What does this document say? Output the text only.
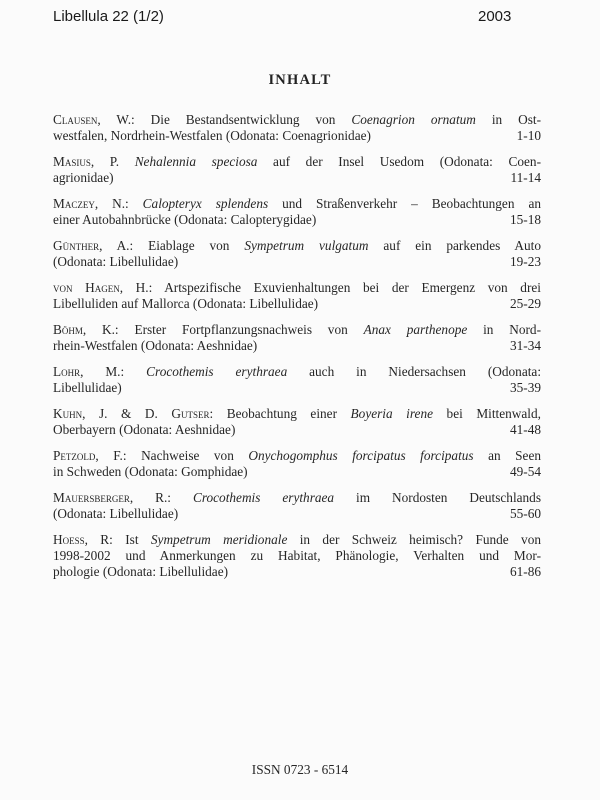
Libellula 22 (1/2)	2003
INHALT
Clausen, W.: Die Bestandsentwicklung von Coenagrion ornatum in Ost-
westfalen, Nordrhein-Westfalen (Odonata: Coenagrionidae)	1-10
Masius, P. Nehalennia speciosa auf der Insel Usedom (Odonata: Coen-
agrionidae)	11-14
Maczey, N.: Calopteryx splendens und Straßenverkehr – Beobachtungen an
einer Autobahnbrücke (Odonata: Calopterygidae)	15-18
Günther, A.: Eiablage von Sympetrum vulgatum auf ein parkendes Auto
(Odonata: Libellulidae)	19-23
von Hagen, H.: Artspezifische Exuvienhaltungen bei der Emergenz von drei
Libelluliden auf Mallorca (Odonata: Libellulidae)	25-29
Böhm, K.: Erster Fortpflanzungsnachweis von Anax parthenope in Nord-
rhein-Westfalen (Odonata: Aeshnidae)	31-34
Lohr, M.: Crocothemis erythraea auch in Niedersachsen (Odonata:
Libellulidae)	35-39
Kuhn, J. & D. Gutser: Beobachtung einer Boyeria irene bei Mittenwald,
Oberbayern (Odonata: Aeshnidae)	41-48
Petzold, F.: Nachweise von Onychogomphus forcipatus forcipatus an Seen
in Schweden (Odonata: Gomphidae)	49-54
Mauersberger, R.: Crocothemis erythraea im Nordosten Deutschlands
(Odonata: Libellulidae)	55-60
Hoess, R: Ist Sympetrum meridionale in der Schweiz heimisch? Funde von
1998-2002 und Anmerkungen zu Habitat, Phänologie, Verhalten und Mor-
phologie (Odonata: Libellulidae)	61-86
ISSN 0723 - 6514
